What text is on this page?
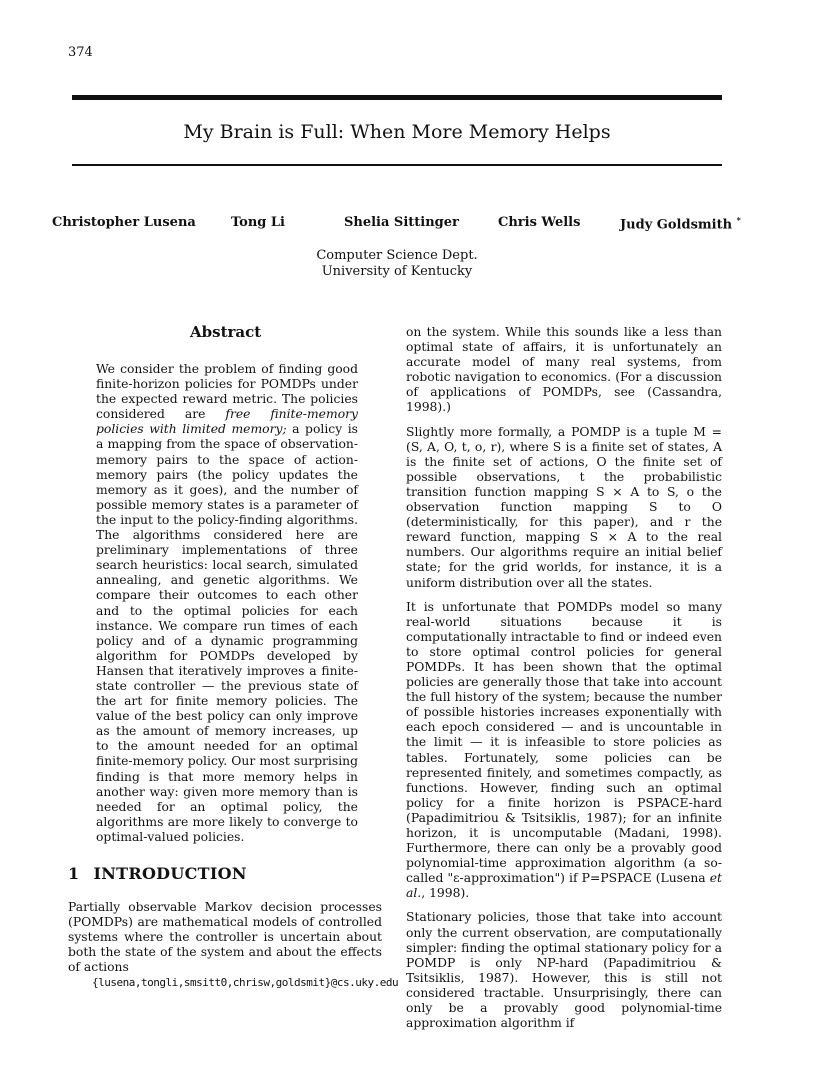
374
My Brain is Full: When More Memory Helps
Christopher Lusena	Tong Li	Shelia Sittinger	Chris Wells	Judy Goldsmith *
Computer Science Dept.
University of Kentucky
Abstract

We consider the problem of finding good finite-horizon policies for POMDPs under the expected reward metric. The policies considered are free finite-memory policies with limited memory; a policy is a mapping from the space of observation-memory pairs to the space of action-memory pairs (the policy updates the memory as it goes), and the number of possible memory states is a parameter of the input to the policy-finding algorithms. The algorithms considered here are preliminary implementations of three search heuristics: local search, simulated annealing, and genetic algorithms. We compare their outcomes to each other and to the optimal policies for each instance. We compare run times of each policy and of a dynamic programming algorithm for POMDPs developed by Hansen that iteratively improves a finite-state controller — the previous state of the art for finite memory policies. The value of the best policy can only improve as the amount of memory increases, up to the amount needed for an optimal finite-memory policy. Our most surprising finding is that more memory helps in another way: given more memory than is needed for an optimal policy, the algorithms are more likely to converge to optimal-valued policies.

1 INTRODUCTION

Partially observable Markov decision processes (POMDPs) are mathematical models of controlled systems where the controller is uncertain about both the state of the system and about the effects of actions

{lusena,tongli,smsitt0,chrisw,goldsmit}@cs.uky.edu

on the system. While this sounds like a less than optimal state of affairs, it is unfortunately an accurate model of many real systems, from robotic navigation to economics. (For a discussion of applications of POMDPs, see (Cassandra, 1998).)

Slightly more formally, a POMDP is a tuple M = (S, A, O, t, o, r), where S is a finite set of states, A is the finite set of actions, O the finite set of possible observations, t the probabilistic transition function mapping S × A to S, o the observation function mapping S to O (deterministically, for this paper), and r the reward function, mapping S × A to the real numbers. Our algorithms require an initial belief state; for the grid worlds, for instance, it is a uniform distribution over all the states.

It is unfortunate that POMDPs model so many real-world situations because it is computationally intractable to find or indeed even to store optimal control policies for general POMDPs. It has been shown that the optimal policies are generally those that take into account the full history of the system; because the number of possible histories increases exponentially with each epoch considered — and is uncountable in the limit — it is infeasible to store policies as tables. Fortunately, some policies can be represented finitely, and sometimes compactly, as functions. However, finding such an optimal policy for a finite horizon is PSPACE-hard (Papadimitriou & Tsitsiklis, 1987); for an infinite horizon, it is uncomputable (Madani, 1998). Furthermore, there can only be a provably good polynomial-time approximation algorithm (a so-called "ε-approximation") if P=PSPACE (Lusena et al., 1998).

Stationary policies, those that take into account only the current observation, are computationally simpler: finding the optimal stationary policy for a POMDP is only NP-hard (Papadimitriou & Tsitsiklis, 1987). However, this is still not considered tractable. Unsurprisingly, there can only be a provably good polynomial-time approximation algorithm if
